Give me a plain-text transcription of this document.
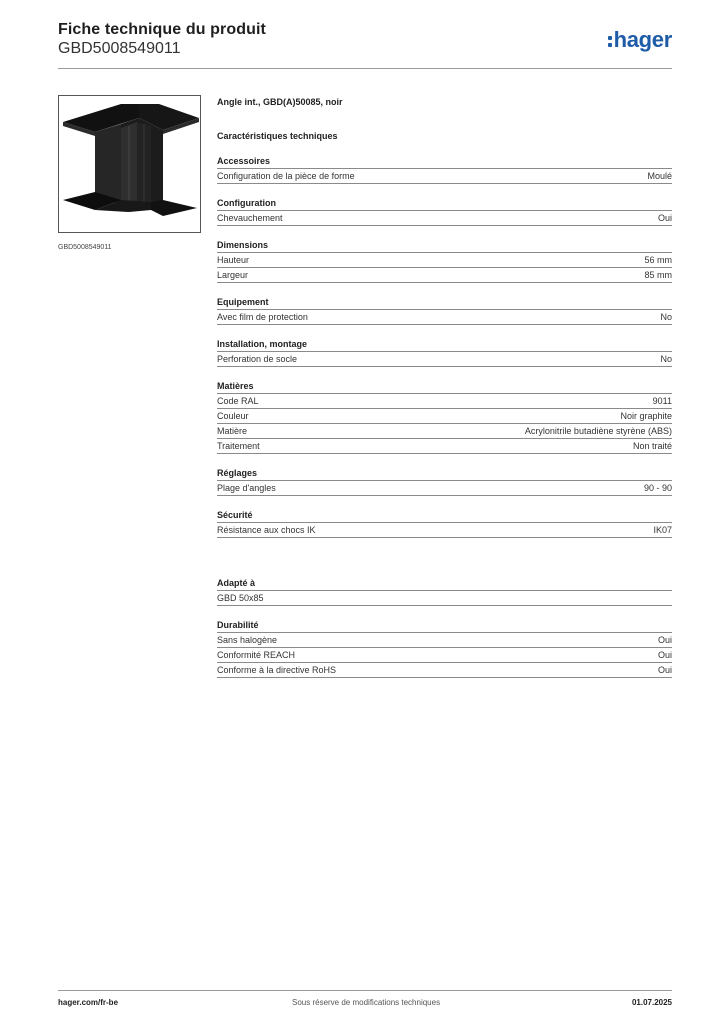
Fiche technique du produit
GBD5008549011	hager
GBD5008549011
Angle int., GBD(A)50085, noir
Caractéristiques techniques
Accessoires
Configuration de la pièce de forme	Moulé
Configuration
Chevauchement	Oui
Dimensions
Hauteur	56 mm
Largeur	85 mm
Equipement
Avec film de protection	No
Installation, montage
Perforation de socle	No
Matières
Code RAL	9011
Couleur	Noir graphite
Matière	Acrylonitrile butadiène styrène (ABS)
Traitement	Non traité
Réglages
Plage d'angles	90 - 90
Sécurité
Résistance aux chocs IK	IK07
Adapté à
GBD 50x85
Durabilité
Sans halogène	Oui
Conformité REACH	Oui
Conforme à la directive RoHS	Oui
hager.com/fr-be	Sous réserve de modifications techniques	01.07.2025
